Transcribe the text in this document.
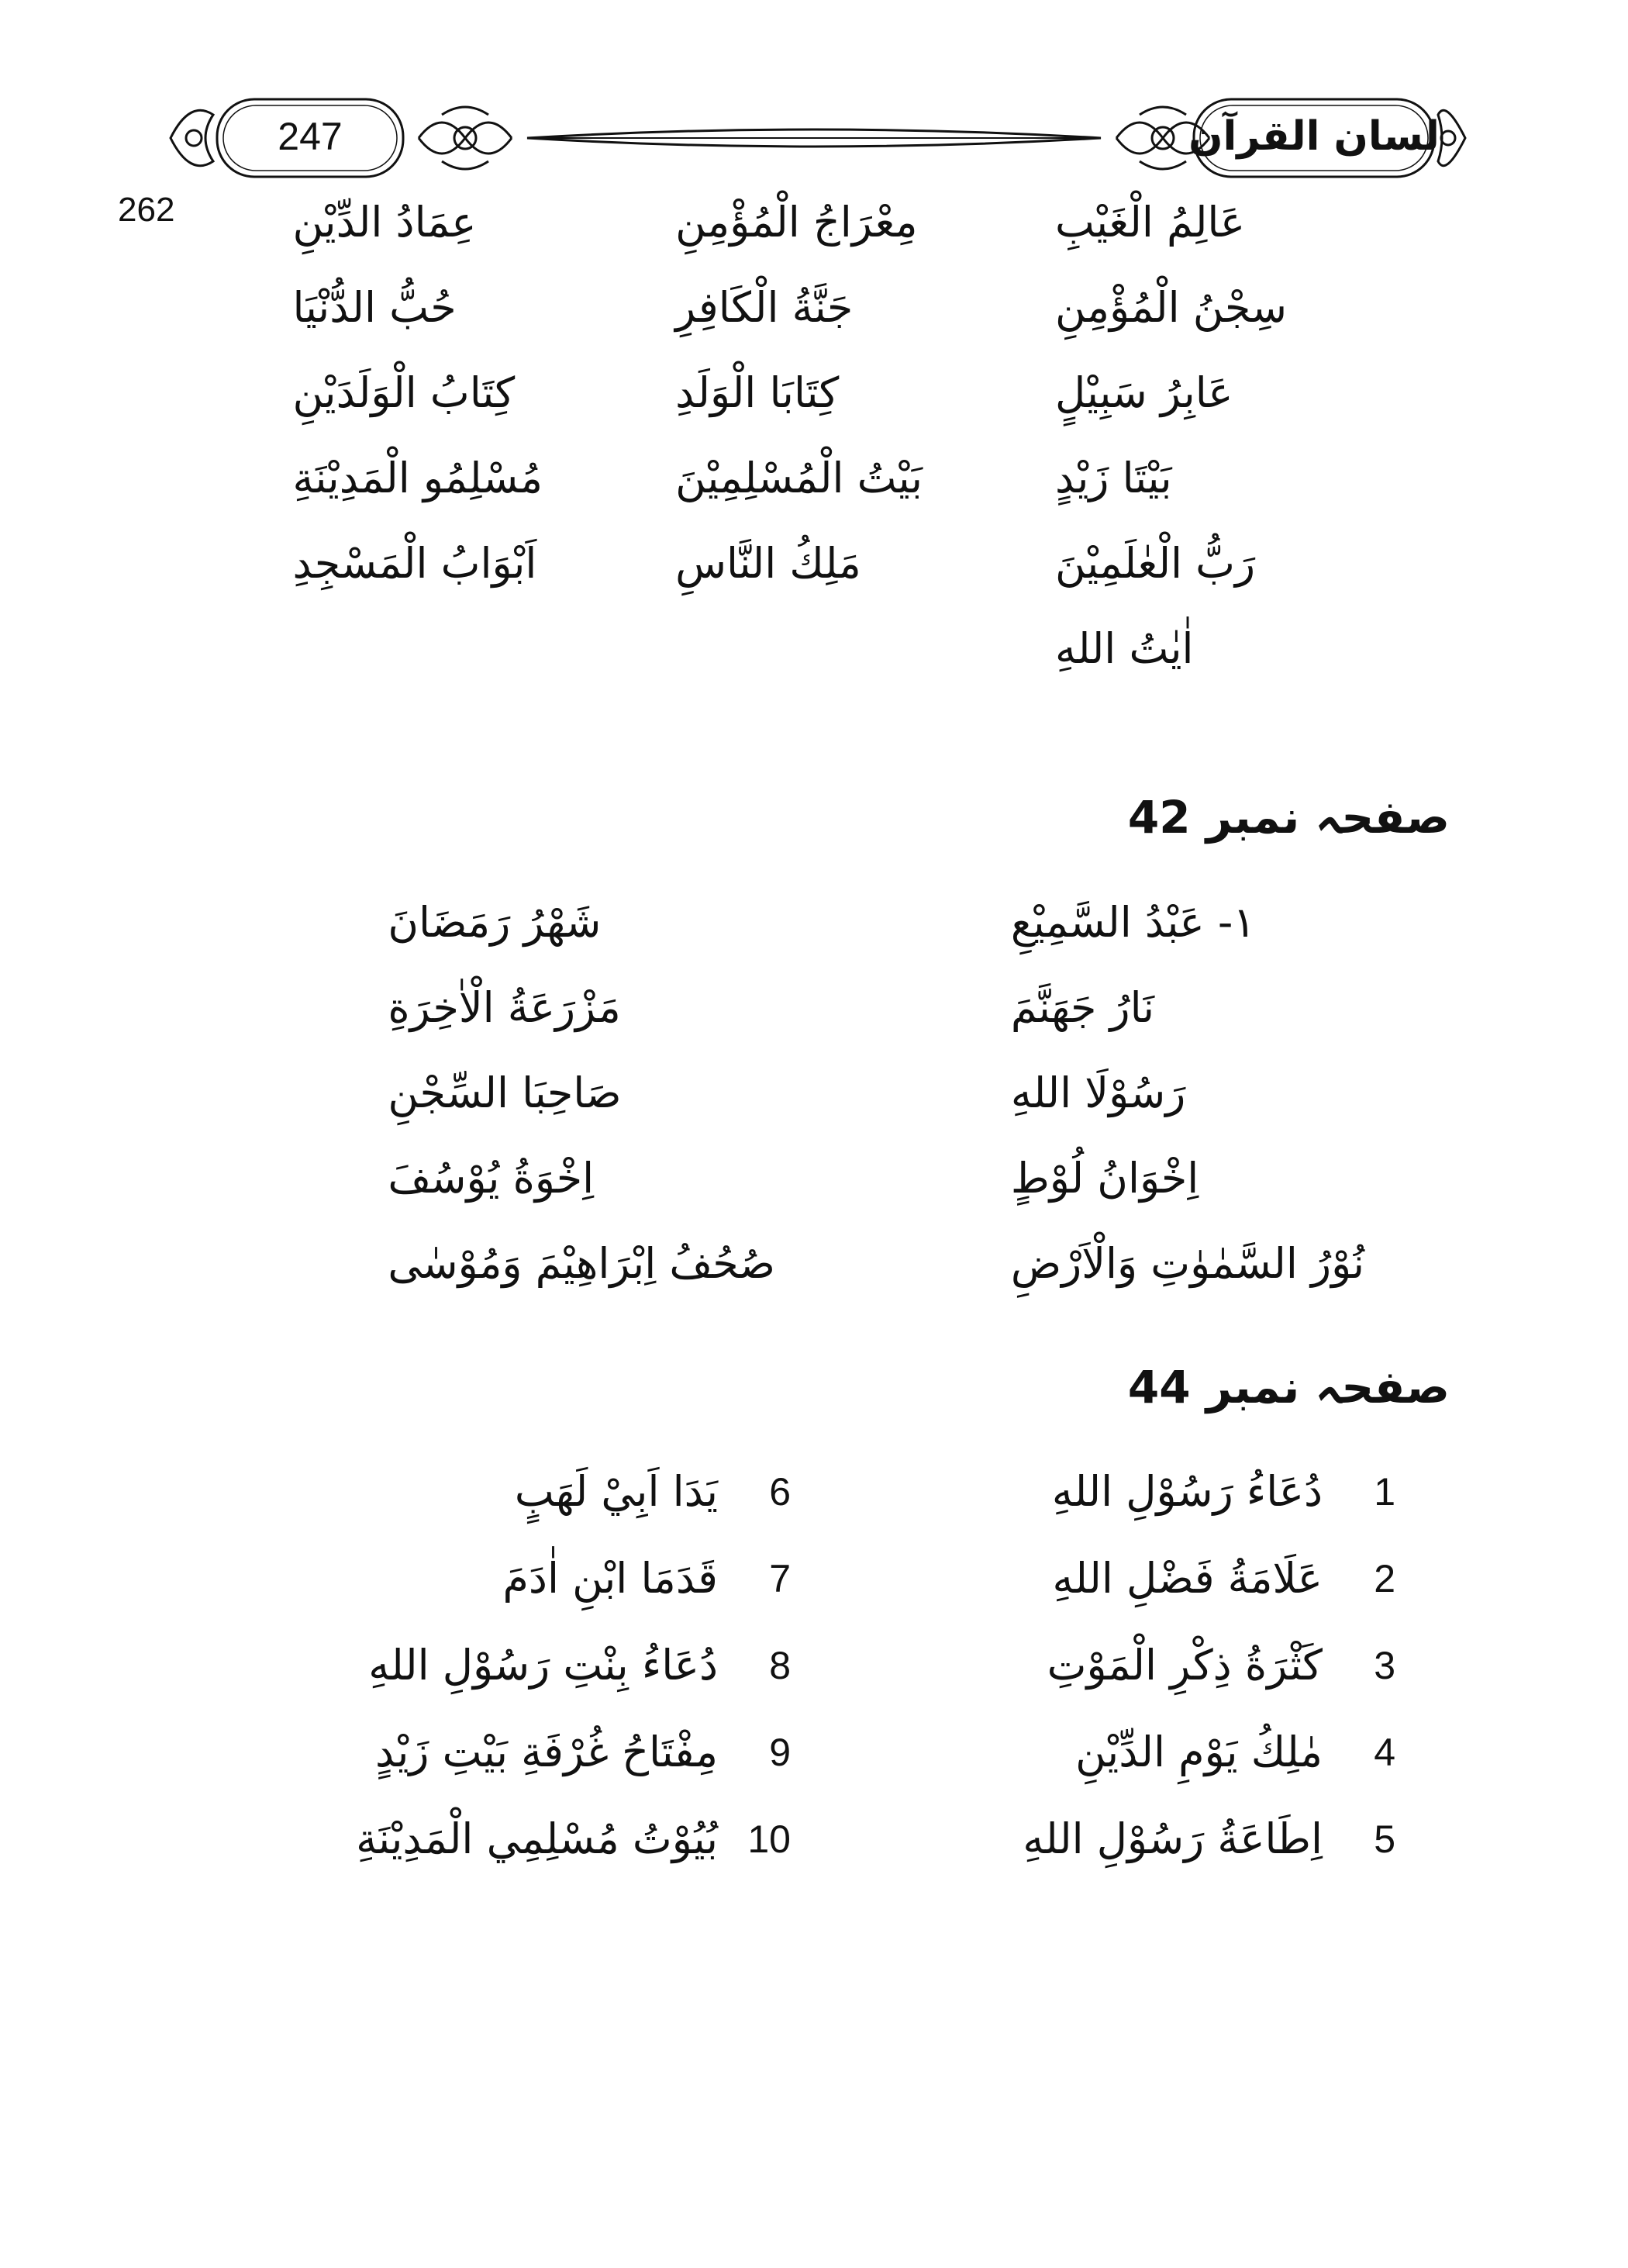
247	لسان القرآن
262	عَالِمُ الْغَيْبِ
سِجْنُ الْمُؤْمِنِ
عَابِرُ سَبِيْلٍ
بَيْتَا زَيْدٍ
رَبُّ الْعٰلَمِيْنَ
اٰيٰتُ اللهِ
مِعْرَاجُ الْمُؤْمِنِ
جَنَّةُ الْكَافِرِ
كِتَابَا الْوَلَدِ
بَيْتُ الْمُسْلِمِيْنَ
مَلِكُ النَّاسِ
عِمَادُ الدِّيْنِ
حُبُّ الدُّنْيَا
كِتَابُ الْوَلَدَيْنِ
مُسْلِمُو الْمَدِيْنَةِ
اَبْوَابُ الْمَسْجِدِ
صفحہ نمبر 42
١- عَبْدُ السَّمِيْعِ
نَارُ جَهَنَّمَ
رَسُوْلَا اللهِ
اِخْوَانُ لُوْطٍ
نُوْرُ السَّمٰوٰتِ وَالْاَرْضِ
شَهْرُ رَمَضَانَ
مَزْرَعَةُ الْاٰخِرَةِ
صَاحِبَا السِّجْنِ
اِخْوَةُ يُوْسُفَ
صُحُفُ اِبْرَاهِيْمَ وَمُوْسٰى
صفحہ نمبر 44
1
دُعَاءُ رَسُوْلِ اللهِ
2
عَلَامَةُ فَضْلِ اللهِ
3
كَثْرَةُ ذِكْرِ الْمَوْتِ
4
مٰلِكُ يَوْمِ الدِّيْنِ
5
اِطَاعَةُ رَسُوْلِ اللهِ
6
يَدَا اَبِيْ لَهَبٍ
7
قَدَمَا ابْنِ اٰدَمَ
8
دُعَاءُ بِنْتِ رَسُوْلِ اللهِ
9
مِفْتَاحُ غُرْفَةِ بَيْتِ زَيْدٍ
10
بُيُوْتُ مُسْلِمِي الْمَدِيْنَةِ
